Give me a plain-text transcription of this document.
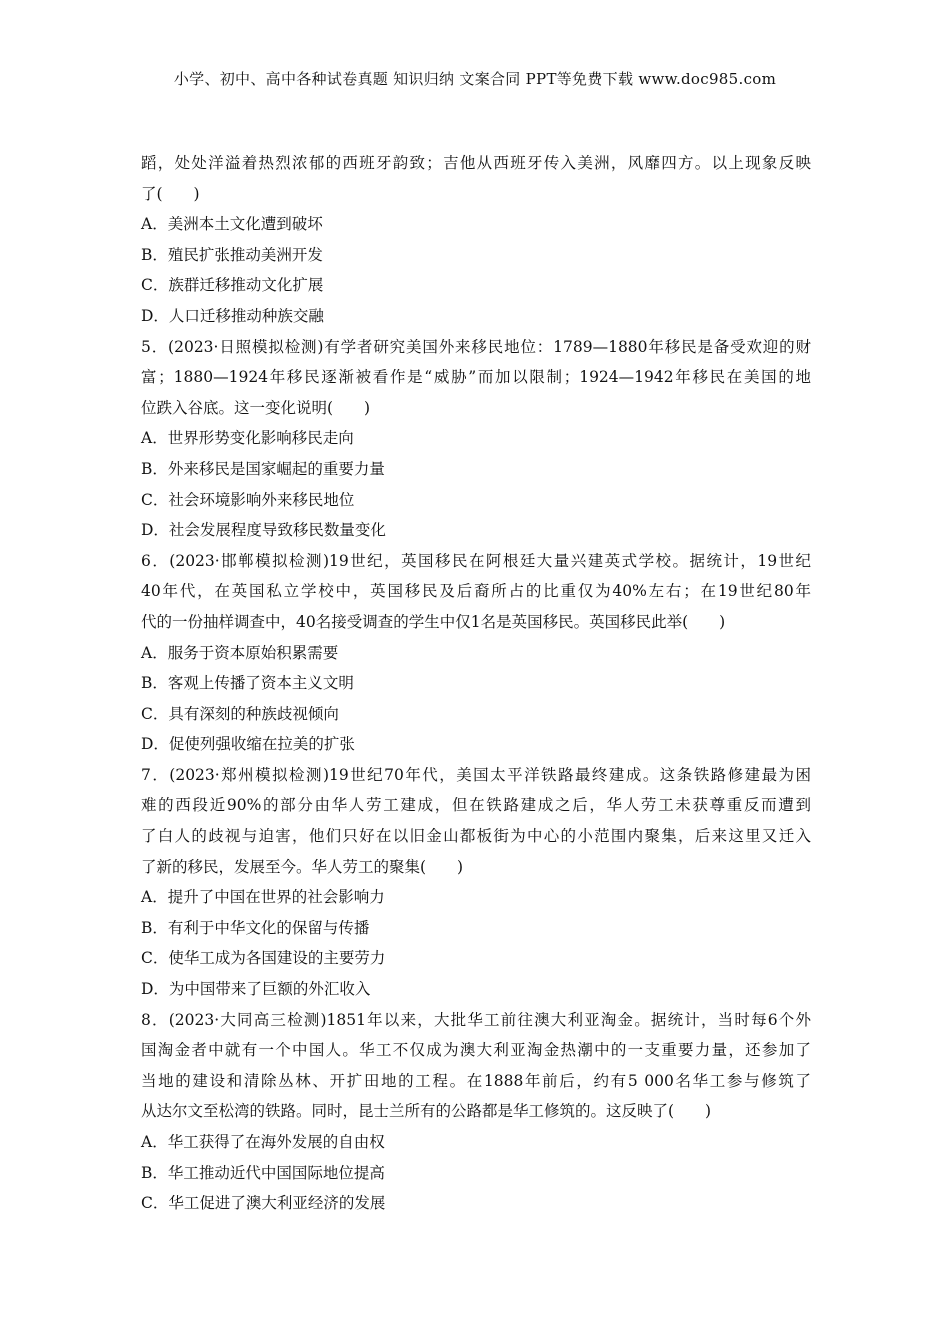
小学、初中、高中各种试卷真题 知识归纳 文案合同 PPT等免费下载 www.doc985.com
蹈，处处洋溢着热烈浓郁的西班牙韵致；吉他从西班牙传入美洲，风靡四方。以上现象反映
了(　　)
A．美洲本土文化遭到破坏
B．殖民扩张推动美洲开发
C．族群迁移推动文化扩展
D．人口迁移推动种族交融
5．(2023·日照模拟检测)有学者研究美国外来移民地位：1789—1880年移民是备受欢迎的财
富；1880—1924年移民逐渐被看作是“威胁”而加以限制；1924—1942年移民在美国的地
位跌入谷底。这一变化说明(　　)
A．世界形势变化影响移民走向
B．外来移民是国家崛起的重要力量
C．社会环境影响外来移民地位
D．社会发展程度导致移民数量变化
6．(2023·邯郸模拟检测)19世纪，英国移民在阿根廷大量兴建英式学校。据统计，19世纪
40年代，在英国私立学校中，英国移民及后裔所占的比重仅为40%左右；在19世纪80年
代的一份抽样调查中，40名接受调查的学生中仅1名是英国移民。英国移民此举(　　)
A．服务于资本原始积累需要
B．客观上传播了资本主义文明
C．具有深刻的种族歧视倾向
D．促使列强收缩在拉美的扩张
7．(2023·郑州模拟检测)19世纪70年代，美国太平洋铁路最终建成。这条铁路修建最为困
难的西段近90%的部分由华人劳工建成，但在铁路建成之后，华人劳工未获尊重反而遭到
了白人的歧视与迫害，他们只好在以旧金山都板街为中心的小范围内聚集，后来这里又迁入
了新的移民，发展至今。华人劳工的聚集(　　)
A．提升了中国在世界的社会影响力
B．有利于中华文化的保留与传播
C．使华工成为各国建设的主要劳力
D．为中国带来了巨额的外汇收入
8．(2023·大同高三检测)1851年以来，大批华工前往澳大利亚淘金。据统计，当时每6个外
国淘金者中就有一个中国人。华工不仅成为澳大利亚淘金热潮中的一支重要力量，还参加了
当地的建设和清除丛林、开扩田地的工程。在1888年前后，约有5 000名华工参与修筑了
从达尔文至松湾的铁路。同时，昆士兰所有的公路都是华工修筑的。这反映了(　　)
A．华工获得了在海外发展的自由权
B．华工推动近代中国国际地位提高
C．华工促进了澳大利亚经济的发展
